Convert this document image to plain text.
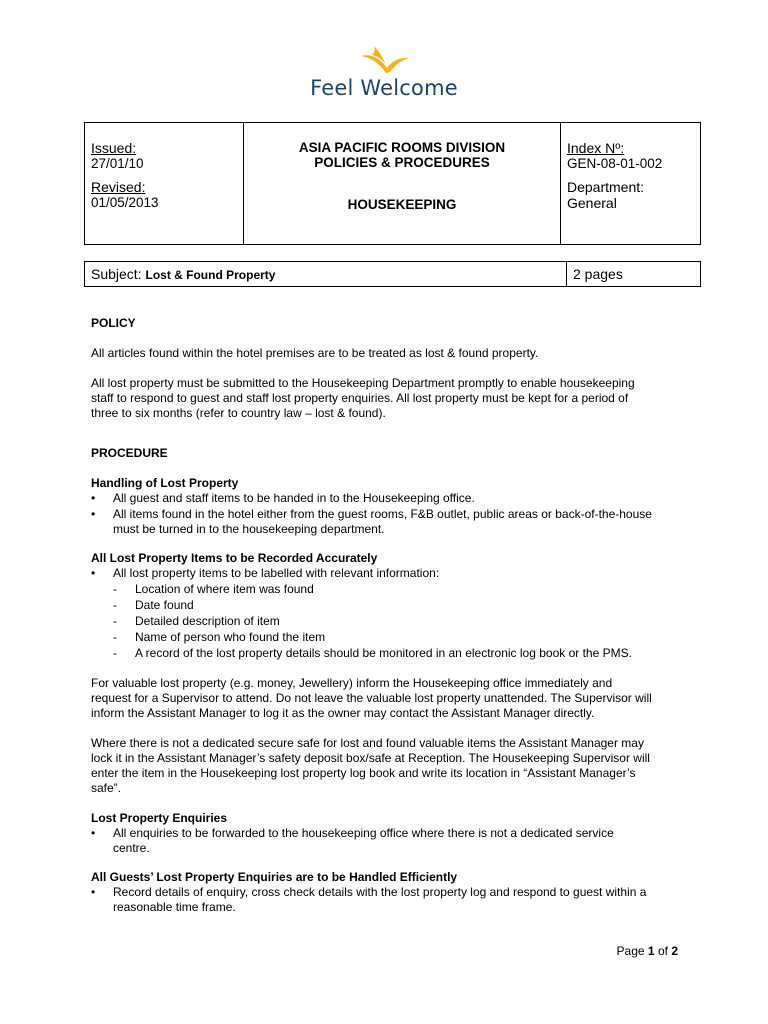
Feel Welcome
Issued:
27/01/10
Revised:
01/05/2013

ASIA PACIFIC ROOMS DIVISION
POLICIES & PROCEDURES
HOUSEKEEPING

Index Nº:
GEN-08-01-002
Department:
General
Subject: Lost & Found Property	2 pages

POLICY

All articles found within the hotel premises are to be treated as lost & found property.

All lost property must be submitted to the Housekeeping Department promptly to enable housekeeping

staff to respond to guest and staff lost property enquiries. All lost property must be kept for a period of

three to six months (refer to country law – lost & found).

PROCEDURE

Handling of Lost Property

• All guest and staff items to be handed in to the Housekeeping office.

• All items found in the hotel either from the guest rooms, F&B outlet, public areas or back-of-the-house

must be turned in to the housekeeping department.

All Lost Property Items to be Recorded Accurately

• All lost property items to be labelled with relevant information:

- Location of where item was found

- Date found

- Detailed description of item

- Name of person who found the item

- A record of the lost property details should be monitored in an electronic log book or the PMS.

For valuable lost property (e.g. money, Jewellery) inform the Housekeeping office immediately and

request for a Supervisor to attend. Do not leave the valuable lost property unattended. The Supervisor will

inform the Assistant Manager to log it as the owner may contact the Assistant Manager directly.

Where there is not a dedicated secure safe for lost and found valuable items the Assistant Manager may

lock it in the Assistant Manager’s safety deposit box/safe at Reception. The Housekeeping Supervisor will

enter the item in the Housekeeping lost property log book and write its location in “Assistant Manager’s

safe”.

Lost Property Enquiries

• All enquiries to be forwarded to the housekeeping office where there is not a dedicated service

centre.

All Guests’ Lost Property Enquiries are to be Handled Efficiently

• Record details of enquiry, cross check details with the lost property log and respond to guest within a

reasonable time frame.

Page 1 of 2
